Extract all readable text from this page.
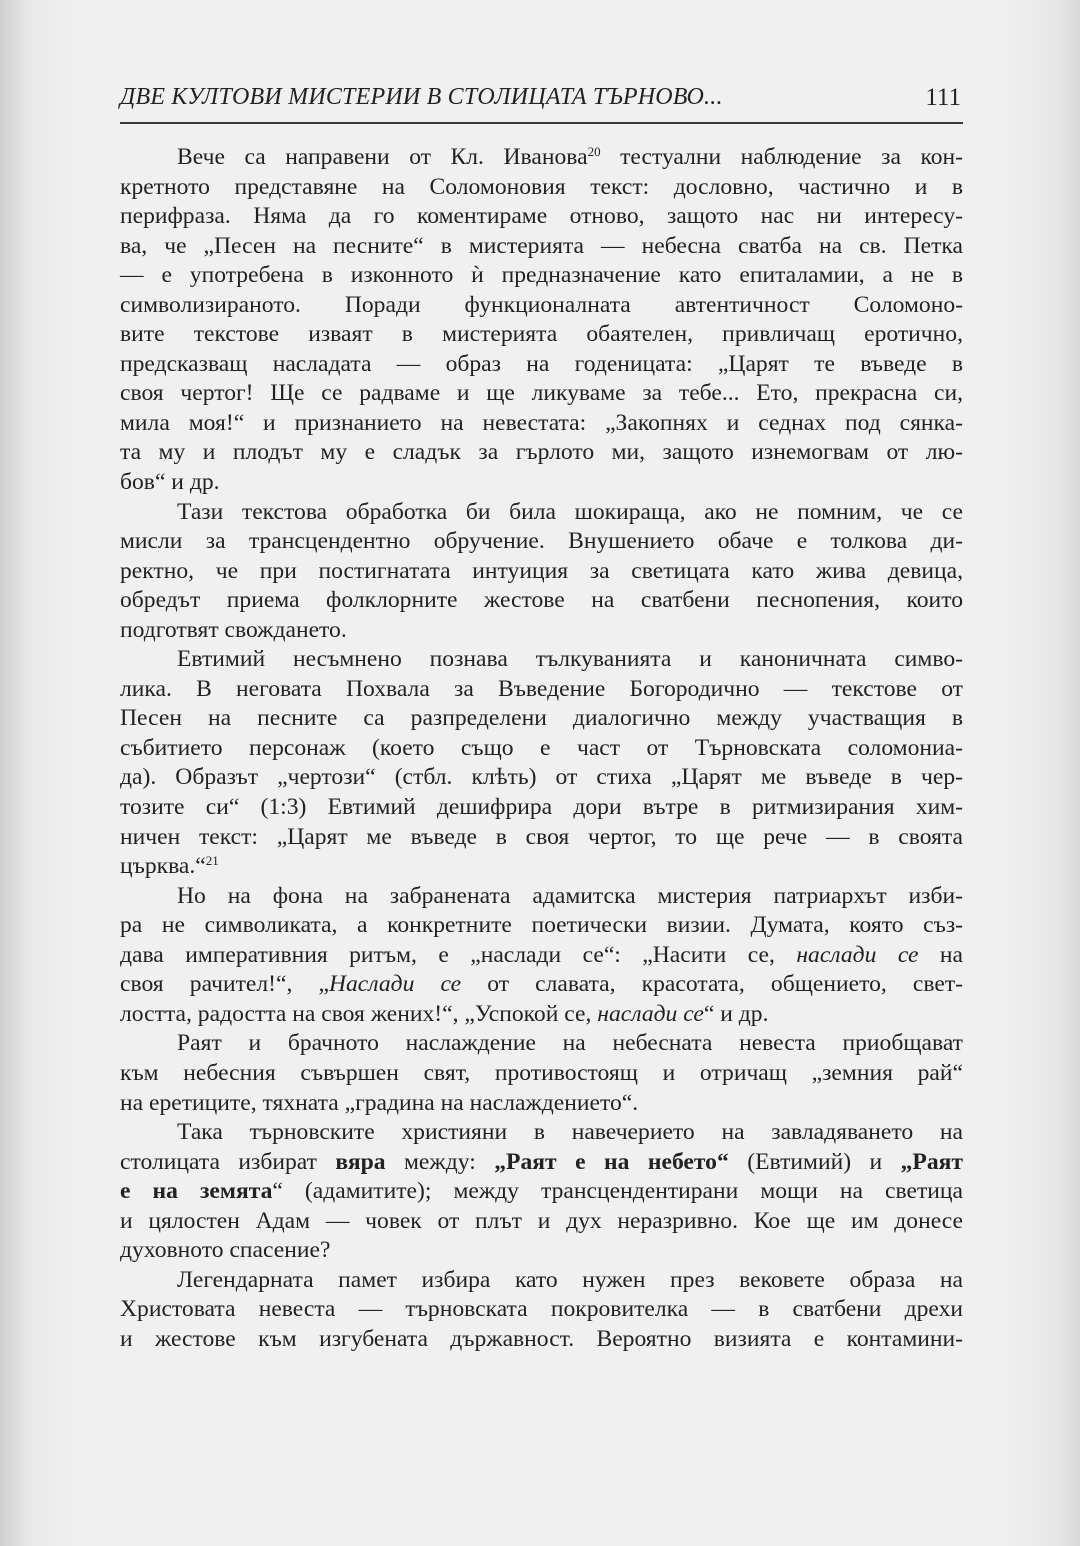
ДВЕ КУЛТОВИ МИСТЕРИИ В СТОЛИЦАТА ТЪРНОВО...	111
Вече са направени от Кл. Иванова$^{20}$ тестуални наблюдение за кон-
кретното представяне на Соломоновия текст: дословно, частично и в
перифраза. Няма да го коментираме отново, защото нас ни интересу-
ва, че „Песен на песните“ в мистерията — небесна сватба на св. Петка
— е употребена в изконното ѝ предназначение като епиталамии, а не в
символизираното. Поради функционалната автентичност Соломоно-
вите текстове изваят в мистерията обаятелен, привличащ еротично,
предсказващ насладата — образ на годеницата: „Царят те въведе в
своя чертог! Ще се радваме и ще ликуваме за тебе... Ето, прекрасна си,
мила моя!“ и признанието на невестата: „Закопнях и седнах под сянка-
та му и плодът му е сладък за гърлото ми, защото изнемогвам от лю-
бов“ и др.
Тази текстова обработка би била шокираща, ако не помним, че се
мисли за трансцендентно обручение. Внушението обаче е толкова ди-
ректно, че при постигнатата интуиция за светицата като жива девица,
обредът приема фолклорните жестове на сватбени песнопения, които
подготвят свождането.
Евтимий несъмнено познава тълкуванията и каноничната симво-
лика. В неговата Похвала за Въведение Богородично — текстове от
Песен на песните са разпределени диалогично между участващия в
събитието персонаж (което също е част от Търновската соломониа-
да). Образът „чертози“ (стбл. клѣть) от стиха „Царят ме въведе в чер-
тозите си“ (1:3) Евтимий дешифрира дори вътре в ритмизирания хим-
ничен текст: „Царят ме въведе в своя чертог, то ще рече — в своята
църква.“$^{21}$
Но на фона на забранената адамитска мистерия патриархът изби-
ра не символиката, а конкретните поетически визии. Думата, която съз-
дава императивния ритъм, е „наслади се“: „Насити се, наслади се на
своя рачител!“, „Наслади се от славата, красотата, общението, свет-
лостта, радостта на своя жених!“, „Успокой се, наслади се“ и др.
Раят и брачното наслаждение на небесната невеста приобщават
към небесния съвършен свят, противостоящ и отричащ „земния рай“
на еретиците, тяхната „градина на наслаждението“.
Така търновските християни в навечерието на завладяването на
столицата избират вяра между: „Раят е на небето“ (Евтимий) и „Раят
е на земята“ (адамитите); между трансцендентирани мощи на светица
и цялостен Адам — човек от плът и дух неразривно. Кое ще им донесе
духовното спасение?
Легендарната памет избира като нужен през вековете образа на
Христовата невеста — търновската покровителка — в сватбени дрехи
и жестове към изгубената държавност. Вероятно визията е контамини-
